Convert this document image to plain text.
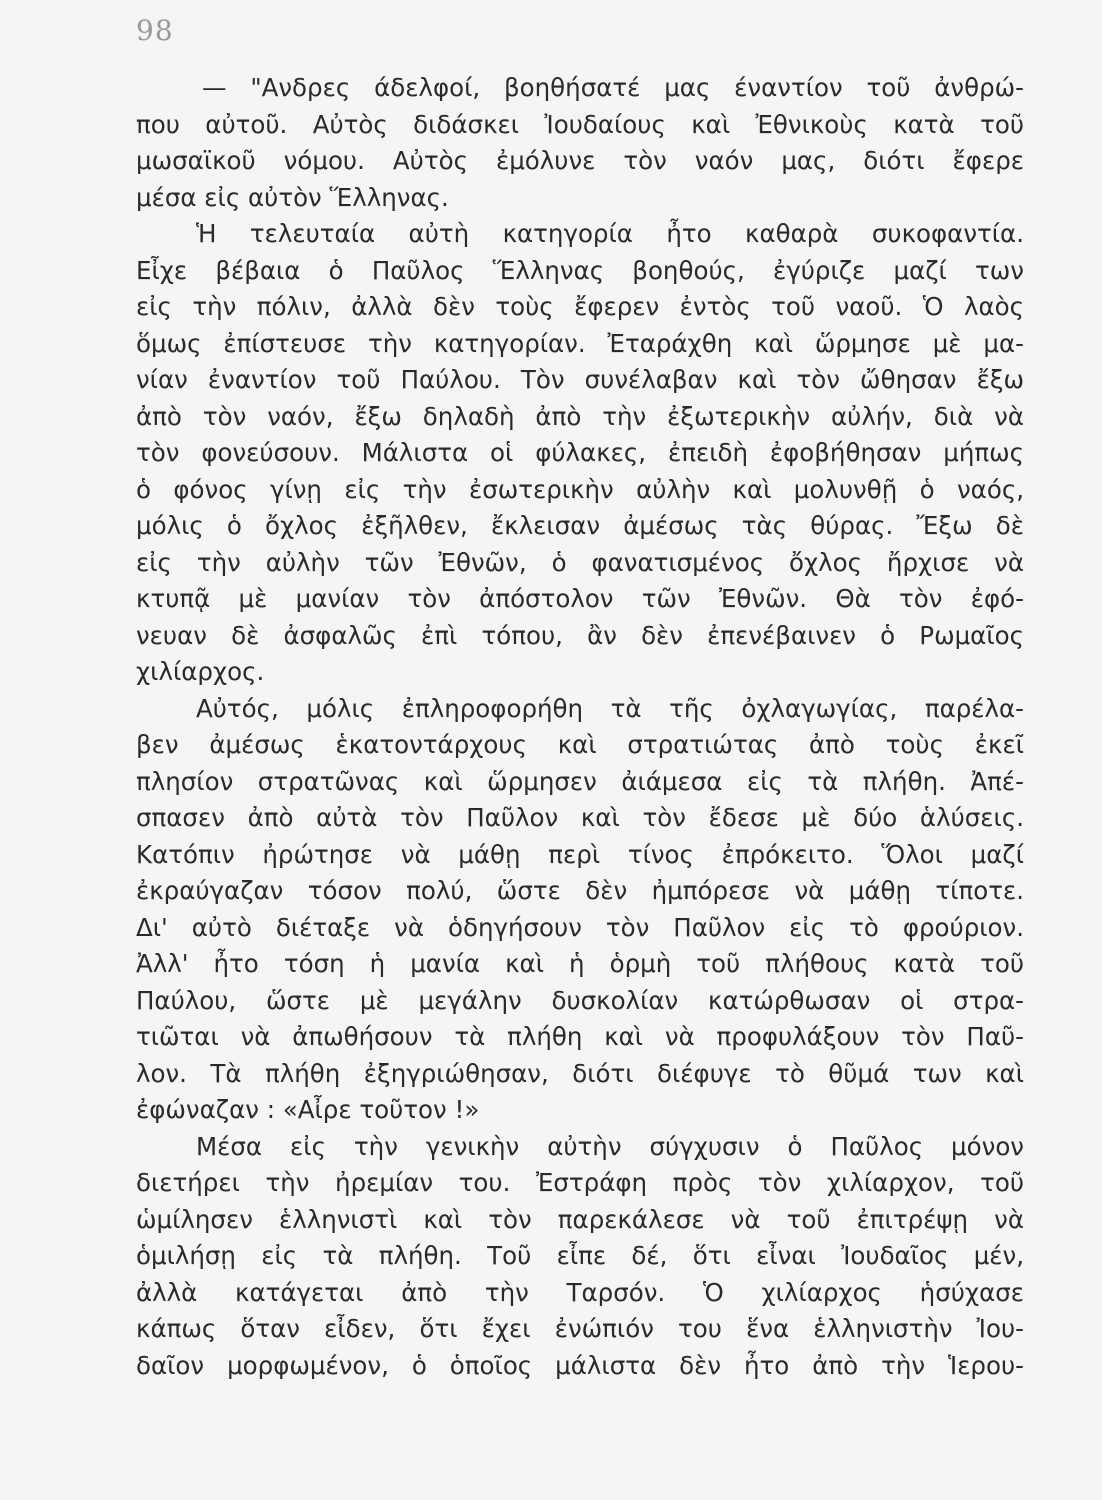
98
— "Ανδρες άδελφοί, βοηθήσατέ μας έναντίον τοῦ ἀνθρώ-
που αὐτοῦ. Αὐτὸς διδάσκει Ἰουδαίους καὶ Ἐθνικοὺς κατὰ τοῦ
μωσαϊκοῦ νόμου. Αὐτὸς ἐμόλυνε τὸν ναόν μας, διότι ἔφερε
μέσα εἰς αὐτὸν Ἕλληνας.
Ἡ τελευταία αὐτὴ κατηγορία ἦτο καθαρὰ συκοφαντία.
Εἶχε βέβαια ὁ Παῦλος Ἕλληνας βοηθούς, ἐγύριζε μαζί των
εἰς τὴν πόλιν, ἀλλὰ δὲν τοὺς ἔφερεν ἐντὸς τοῦ ναοῦ. Ὁ λαὸς
ὅμως ἐπίστευσε τὴν κατηγορίαν. Ἐταράχθη καὶ ὥρμησε μὲ μα-
νίαν ἐναντίον τοῦ Παύλου. Τὸν συνέλαβαν καὶ τὸν ὤθησαν ἔξω
ἀπὸ τὸν ναόν, ἔξω δηλαδὴ ἀπὸ τὴν ἐξωτερικὴν αὐλήν, διὰ νὰ
τὸν φονεύσουν. Μάλιστα οἱ φύλακες, ἐπειδὴ ἐφοβήθησαν μήπως
ὁ φόνος γίνῃ εἰς τὴν ἐσωτερικὴν αὐλὴν καὶ μολυνθῇ ὁ ναός,
μόλις ὁ ὄχλος ἐξῆλθεν, ἔκλεισαν ἀμέσως τὰς θύρας. Ἔξω δὲ
εἰς τὴν αὐλὴν τῶν Ἐθνῶν, ὁ φανατισμένος ὄχλος ἤρχισε νὰ
κτυπᾷ μὲ μανίαν τὸν ἀπόστολον τῶν Ἐθνῶν. Θὰ τὸν ἐφό-
νευαν δὲ ἀσφαλῶς ἐπὶ τόπου, ἂν δὲν ἐπενέβαινεν ὁ Ρωμαῖος
χιλίαρχος.
Αὐτός, μόλις ἐπληροφορήθη τὰ τῆς ὀχλαγωγίας, παρέλα-
βεν ἀμέσως ἑκατοντάρχους καὶ στρατιώτας ἀπὸ τοὺς ἐκεῖ
πλησίον στρατῶνας καὶ ὥρμησεν ἀιάμεσα εἰς τὰ πλήθη. Ἀπέ-
σπασεν ἀπὸ αὐτὰ τὸν Παῦλον καὶ τὸν ἔδεσε μὲ δύο ἁλύσεις.
Κατόπιν ἠρώτησε νὰ μάθῃ περὶ τίνος ἐπρόκειτο. Ὅλοι μαζί
ἐκραύγαζαν τόσον πολύ, ὥστε δὲν ἠμπόρεσε νὰ μάθῃ τίποτε.
Δι' αὐτὸ διέταξε νὰ ὁδηγήσουν τὸν Παῦλον εἰς τὸ φρούριον.
Ἀλλ' ἦτο τόση ἡ μανία καὶ ἡ ὁρμὴ τοῦ πλήθους κατὰ τοῦ
Παύλου, ὥστε μὲ μεγάλην δυσκολίαν κατώρθωσαν οἱ στρα-
τιῶται νὰ ἀπωθήσουν τὰ πλήθη καὶ νὰ προφυλάξουν τὸν Παῦ-
λον. Τὰ πλήθη ἐξηγριώθησαν, διότι διέφυγε τὸ θῦμά των καὶ
ἐφώναζαν : «Αἶρε τοῦτον !»
Μέσα εἰς τὴν γενικὴν αὐτὴν σύγχυσιν ὁ Παῦλος μόνον
διετήρει τὴν ἠρεμίαν του. Ἐστράφη πρὸς τὸν χιλίαρχον, τοῦ
ὡμίλησεν ἑλληνιστὶ καὶ τὸν παρεκάλεσε νὰ τοῦ ἐπιτρέψῃ νὰ
ὁμιλήσῃ εἰς τὰ πλήθη. Τοῦ εἶπε δέ, ὅτι εἶναι Ἰουδαῖος μέν,
ἀλλὰ κατάγεται ἀπὸ τὴν Ταρσόν. Ὁ χιλίαρχος ἡσύχασε
κάπως ὅταν εἶδεν, ὅτι ἔχει ἐνώπιόν του ἕνα ἑλληνιστὴν Ἰου-
δαῖον μορφωμένον, ὁ ὁποῖος μάλιστα δὲν ἦτο ἀπὸ τὴν Ἱερου-
